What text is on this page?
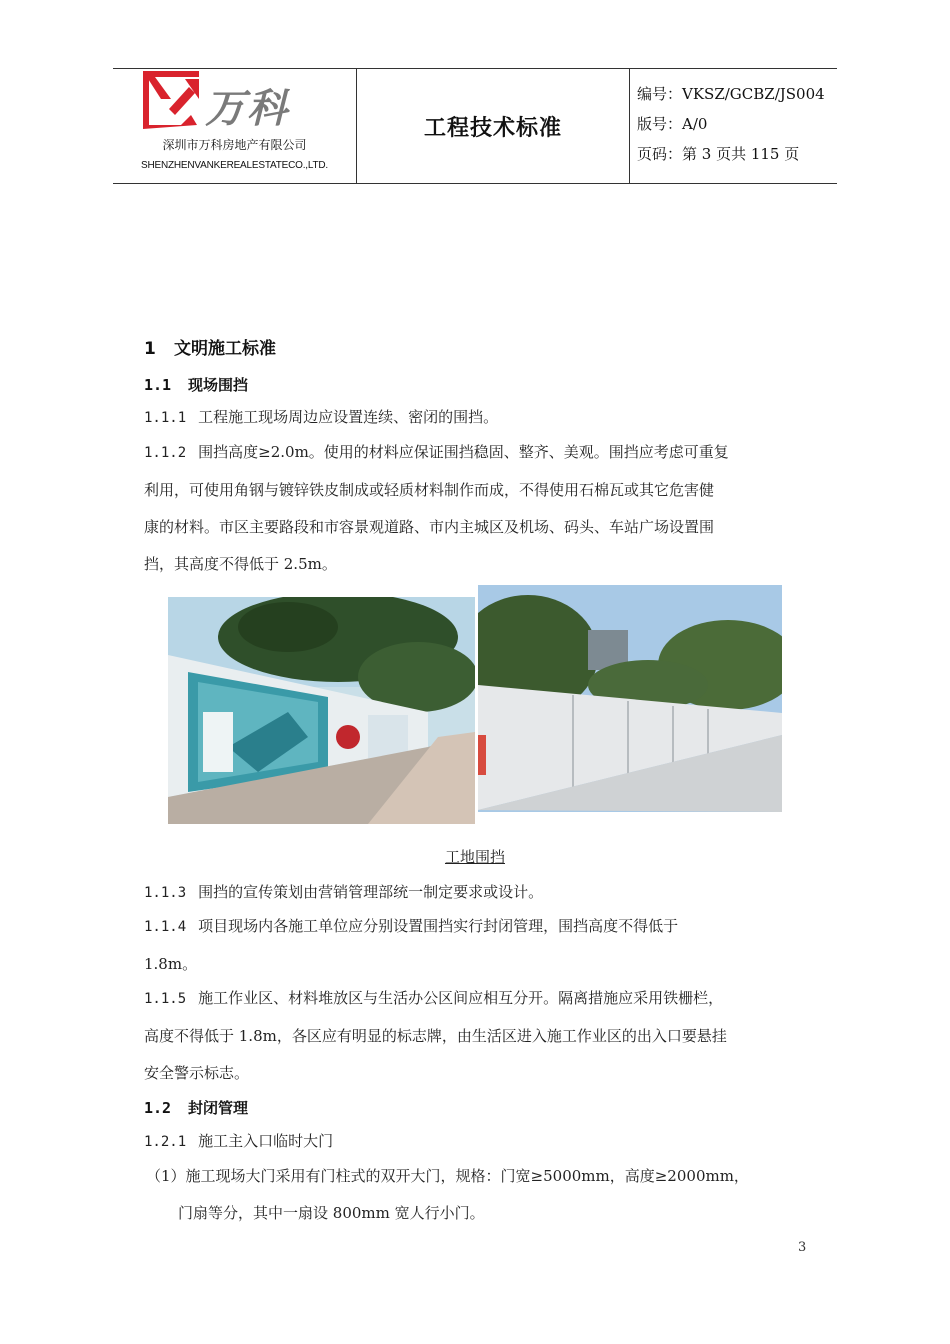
万科
深圳市万科房地产有限公司
SHENZHENVANKEREALESTATECO.,LTD.
工程技术标准
编号：VKSZ/GCBZ/JS004
版号：A/0
页码：第 3 页共 115 页
1 文明施工标准
1.1 现场围挡
1.1.1 工程施工现场周边应设置连续、密闭的围挡。
1.1.2 围挡高度≥2.0m。使用的材料应保证围挡稳固、整齐、美观。围挡应考虑可重复
利用，可使用角钢与镀锌铁皮制成或轻质材料制作而成，不得使用石棉瓦或其它危害健
康的材料。市区主要路段和市容景观道路、市内主城区及机场、码头、车站广场设置围
挡，其高度不得低于 2.5m。
工地围挡
1.1.3 围挡的宣传策划由营销管理部统一制定要求或设计。
1.1.4 项目现场内各施工单位应分别设置围挡实行封闭管理，围挡高度不得低于
1.8m。
1.1.5 施工作业区、材料堆放区与生活办公区间应相互分开。隔离措施应采用铁栅栏，
高度不得低于 1.8m，各区应有明显的标志牌，由生活区进入施工作业区的出入口要悬挂
安全警示标志。
1.2 封闭管理
1.2.1 施工主入口临时大门
（1）施工现场大门采用有门柱式的双开大门，规格：门宽≥5000mm，高度≥2000mm，
门扇等分，其中一扇设 800mm 宽人行小门。
3
